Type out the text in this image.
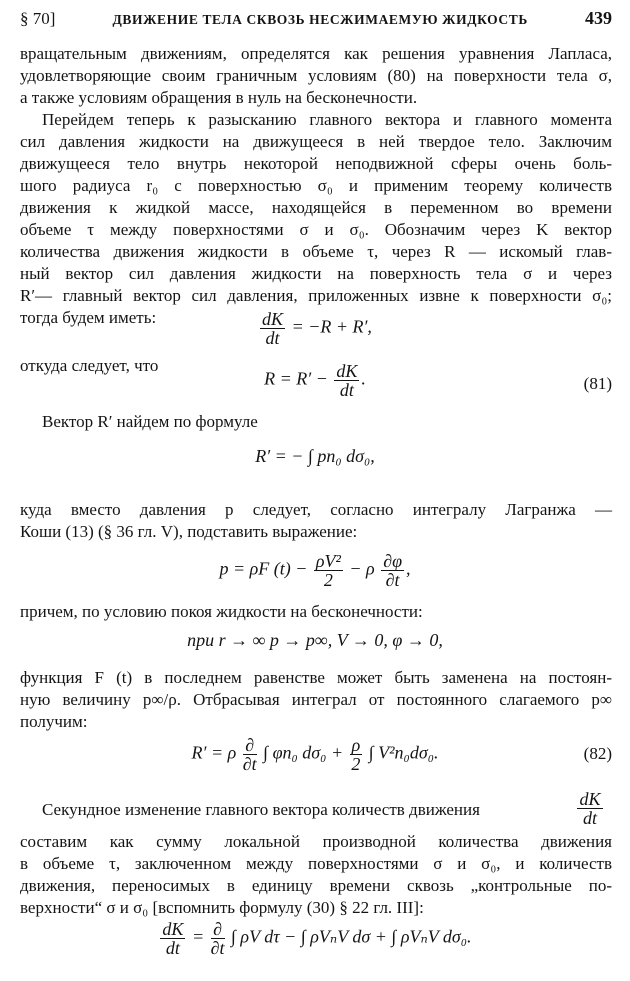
§ 70]	ДВИЖЕНИЕ ТЕЛА СКВОЗЬ НЕСЖИМАЕМУЮ ЖИДКОСТЬ	439
вращательным движениям, определятся как решения уравнения Лапласа,
удовлетворяющие своим граничным условиям (80) на поверхности тела σ,
а также условиям обращения в нуль на бесконечности.
Перейдем теперь к разысканию главного вектора и главного момента
сил давления жидкости на движущееся в ней твердое тело. Заключим
движущееся тело внутрь некоторой неподвижной сферы очень боль-
шого радиуса r₀ с поверхностью σ₀ и применим теорему количеств
движения к жидкой массе, находящейся в переменном во времени
объеме τ между поверхностями σ и σ₀. Обозначим через K вектор
количества движения жидкости в объеме τ, через R — искомый глав-
ный вектор сил давления жидкости на поверхность тела σ и через
R′— главный вектор сил давления, приложенных извне к поверхности σ₀;
тогда будем иметь:	$\frac{dK}{dt} = -R + R'$,
откуда следует, что
$R = R' - \frac{dK}{dt}$ .	(81)
Вектор R′ найдем по формуле
R′ = − ∫ pn₀ dσ₀,
куда вместо давления p следует, согласно интегралу Лагранжа —
Коши (13) (§ 36 гл. V), подставить выражение:
p = ρF $(t) - \frac{\text{ρV²}}{2} - \rho \frac{\partial\varphi}{\partial t}$ ,
причем, по условию покоя жидкости на бесконечности:
при r → ∞ p → p∞, V → 0, φ → 0,
функция F (t) в последнем равенстве может быть заменена на постоян-
ную величину p∞/ρ. Отбрасывая интеграл от постоянного слагаемого p∞
получим:
R′ = ρ $\frac{\partial}{\partial t}$ ∫ φn₀ $d\sigma_0 + \frac{\rho}{2}$ ∫ V²n₀dσ₀.	(82)
Секундное изменение главного вектора количеств движения	$\frac{dK}{dt}$
составим как сумму локальной производной количества движения
в объеме τ, заключенном между поверхностями σ и σ₀, и количеств
движения, переносимых в единицу времени сквозь „контрольные по-
верхности“ σ и σ₀ [вспомнить формулу (30) § 22 гл. III]:
$\frac{dK}{dt} = \frac{\partial}{\partial t}$ ∫ ρV dτ − ∫ ρVₙV dσ + ∫ ρVₙV dσ₀.
